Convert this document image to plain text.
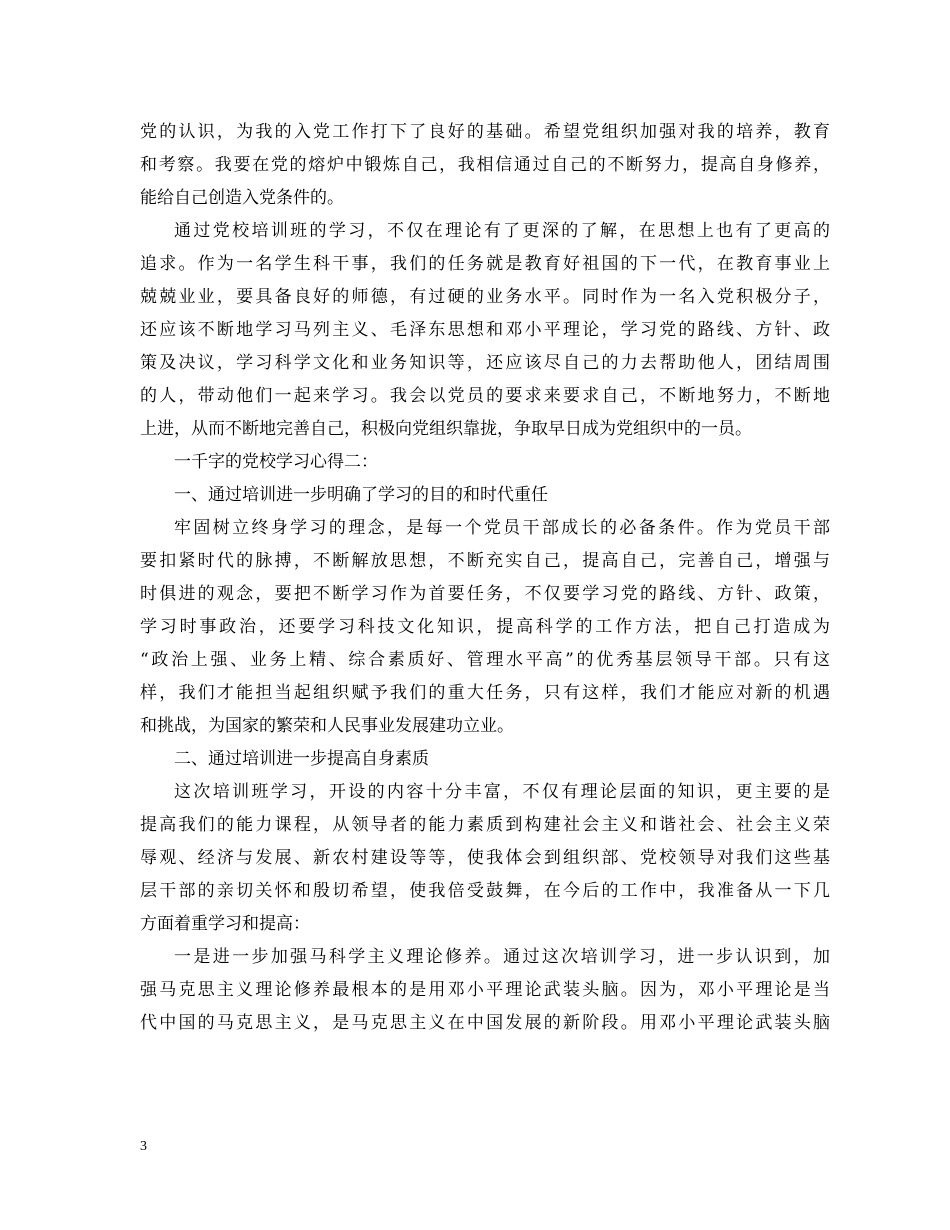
党的认识，为我的入党工作打下了良好的基础。希望党组织加强对我的培养，教育
和考察。我要在党的熔炉中锻炼自己，我相信通过自己的不断努力，提高自身修养，
能给自己创造入党条件的。
通过党校培训班的学习，不仅在理论有了更深的了解，在思想上也有了更高的
追求。作为一名学生科干事，我们的任务就是教育好祖国的下一代，在教育事业上
兢兢业业，要具备良好的师德，有过硬的业务水平。同时作为一名入党积极分子，
还应该不断地学习马列主义、毛泽东思想和邓小平理论，学习党的路线、方针、政
策及决议，学习科学文化和业务知识等，还应该尽自己的力去帮助他人，团结周围
的人，带动他们一起来学习。我会以党员的要求来要求自己，不断地努力，不断地
上进，从而不断地完善自己，积极向党组织靠拢，争取早日成为党组织中的一员。
一千字的党校学习心得二：
一、通过培训进一步明确了学习的目的和时代重任
牢固树立终身学习的理念，是每一个党员干部成长的必备条件。作为党员干部
要扣紧时代的脉搏，不断解放思想，不断充实自己，提高自己，完善自己，增强与
时俱进的观念，要把不断学习作为首要任务，不仅要学习党的路线、方针、政策，
学习时事政治，还要学习科技文化知识，提高科学的工作方法，把自己打造成为
“政治上强、业务上精、综合素质好、管理水平高”的优秀基层领导干部。只有这
样，我们才能担当起组织赋予我们的重大任务，只有这样，我们才能应对新的机遇
和挑战，为国家的繁荣和人民事业发展建功立业。
二、通过培训进一步提高自身素质
这次培训班学习，开设的内容十分丰富，不仅有理论层面的知识，更主要的是
提高我们的能力课程，从领导者的能力素质到构建社会主义和谐社会、社会主义荣
辱观、经济与发展、新农村建设等等，使我体会到组织部、党校领导对我们这些基
层干部的亲切关怀和殷切希望，使我倍受鼓舞，在今后的工作中，我准备从一下几
方面着重学习和提高：
一是进一步加强马科学主义理论修养。通过这次培训学习，进一步认识到，加
强马克思主义理论修养最根本的是用邓小平理论武装头脑。因为，邓小平理论是当
代中国的马克思主义，是马克思主义在中国发展的新阶段。用邓小平理论武装头脑
3
